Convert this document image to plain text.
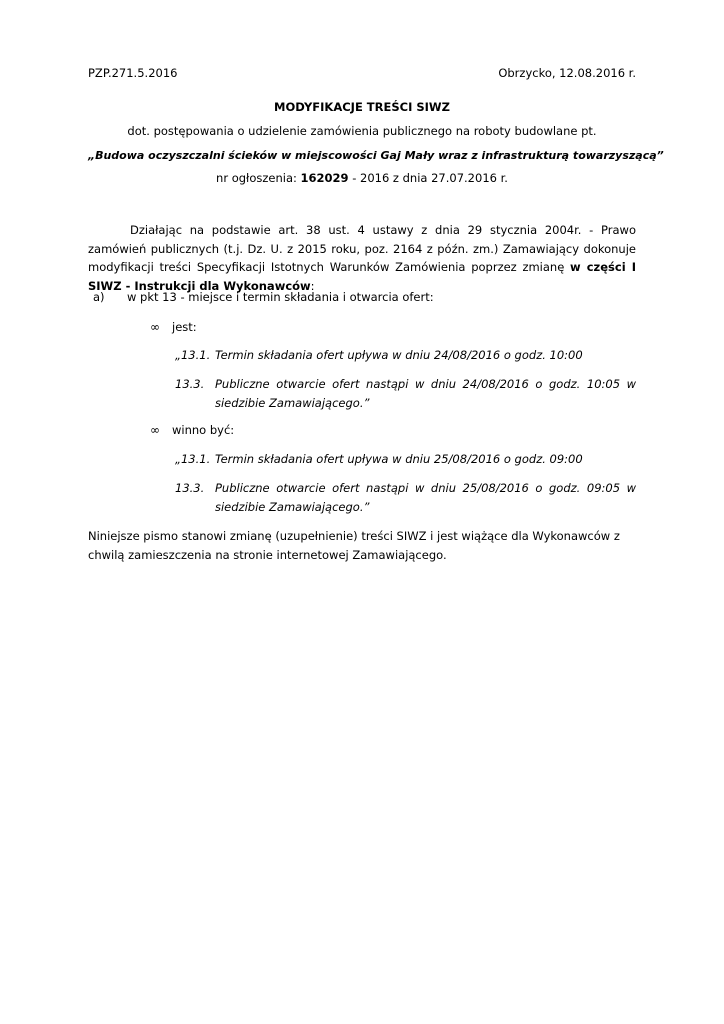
PZP.271.5.2016	Obrzycko, 12.08.2016 r.
MODYFIKACJE TREŚCI SIWZ
dot. postępowania o udzielenie zamówienia publicznego na roboty budowlane pt.
„Budowa oczyszczalni ścieków w miejscowości Gaj Mały wraz z infrastrukturą towarzyszącą”
nr ogłoszenia: 162029 - 2016 z dnia 27.07.2016 r.
Działając na podstawie art. 38 ust. 4 ustawy z dnia 29 stycznia 2004r. - Prawo zamówień publicznych (t.j. Dz. U. z 2015 roku, poz. 2164 z późn. zm.) Zamawiający dokonuje modyfikacji treści Specyfikacji Istotnych Warunków Zamówienia poprzez zmianę w części I SIWZ - Instrukcji dla Wykonawców:
a) w pkt 13 - miejsce i termin składania i otwarcia ofert:
∞ jest:
„13.1. Termin składania ofert upływa w dniu 24/08/2016 o godz. 10:00
13.3. Publiczne otwarcie ofert nastąpi w dniu 24/08/2016 o godz. 10:05 w siedzibie Zamawiającego.”
∞ winno być:
„13.1. Termin składania ofert upływa w dniu 25/08/2016 o godz. 09:00
13.3. Publiczne otwarcie ofert nastąpi w dniu 25/08/2016 o godz. 09:05 w siedzibie Zamawiającego.”
Niniejsze pismo stanowi zmianę (uzupełnienie) treści SIWZ i jest wiążące dla Wykonawców z chwilą zamieszczenia na stronie internetowej Zamawiającego.
